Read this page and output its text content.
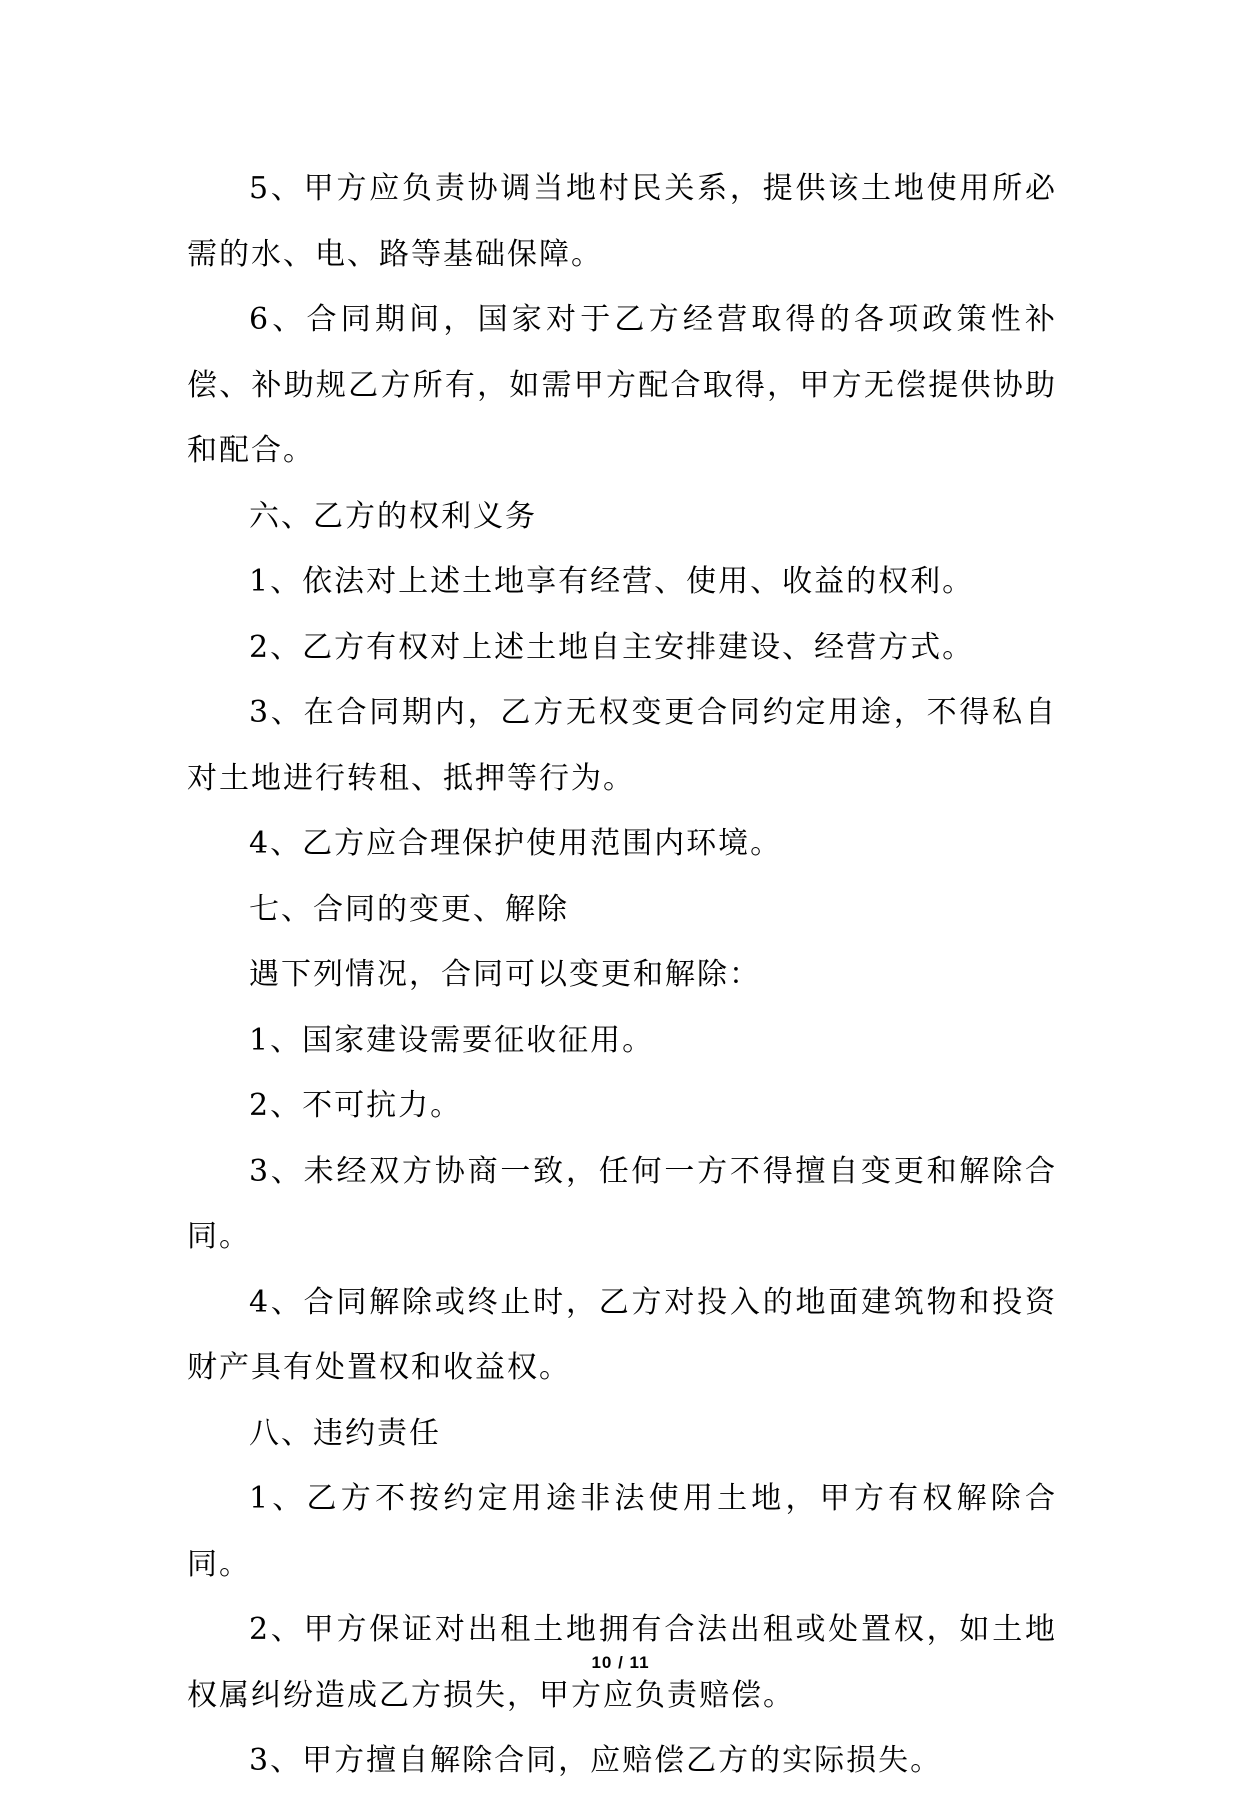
5、甲方应负责协调当地村民关系，提供该土地使用所必需的水、电、路等基础保障。

6、合同期间，国家对于乙方经营取得的各项政策性补偿、补助规乙方所有，如需甲方配合取得，甲方无偿提供协助和配合。

六、乙方的权利义务

1、依法对上述土地享有经营、使用、收益的权利。

2、乙方有权对上述土地自主安排建设、经营方式。

3、在合同期内，乙方无权变更合同约定用途，不得私自对土地进行转租、抵押等行为。

4、乙方应合理保护使用范围内环境。

七、合同的变更、解除

遇下列情况，合同可以变更和解除：

1、国家建设需要征收征用。

2、不可抗力。

3、未经双方协商一致，任何一方不得擅自变更和解除合同。

4、合同解除或终止时，乙方对投入的地面建筑物和投资财产具有处置权和收益权。

八、违约责任

1、乙方不按约定用途非法使用土地，甲方有权解除合同。

2、甲方保证对出租土地拥有合法出租或处置权，如土地权属纠纷造成乙方损失，甲方应负责赔偿。

3、甲方擅自解除合同，应赔偿乙方的实际损失。

10 / 11
